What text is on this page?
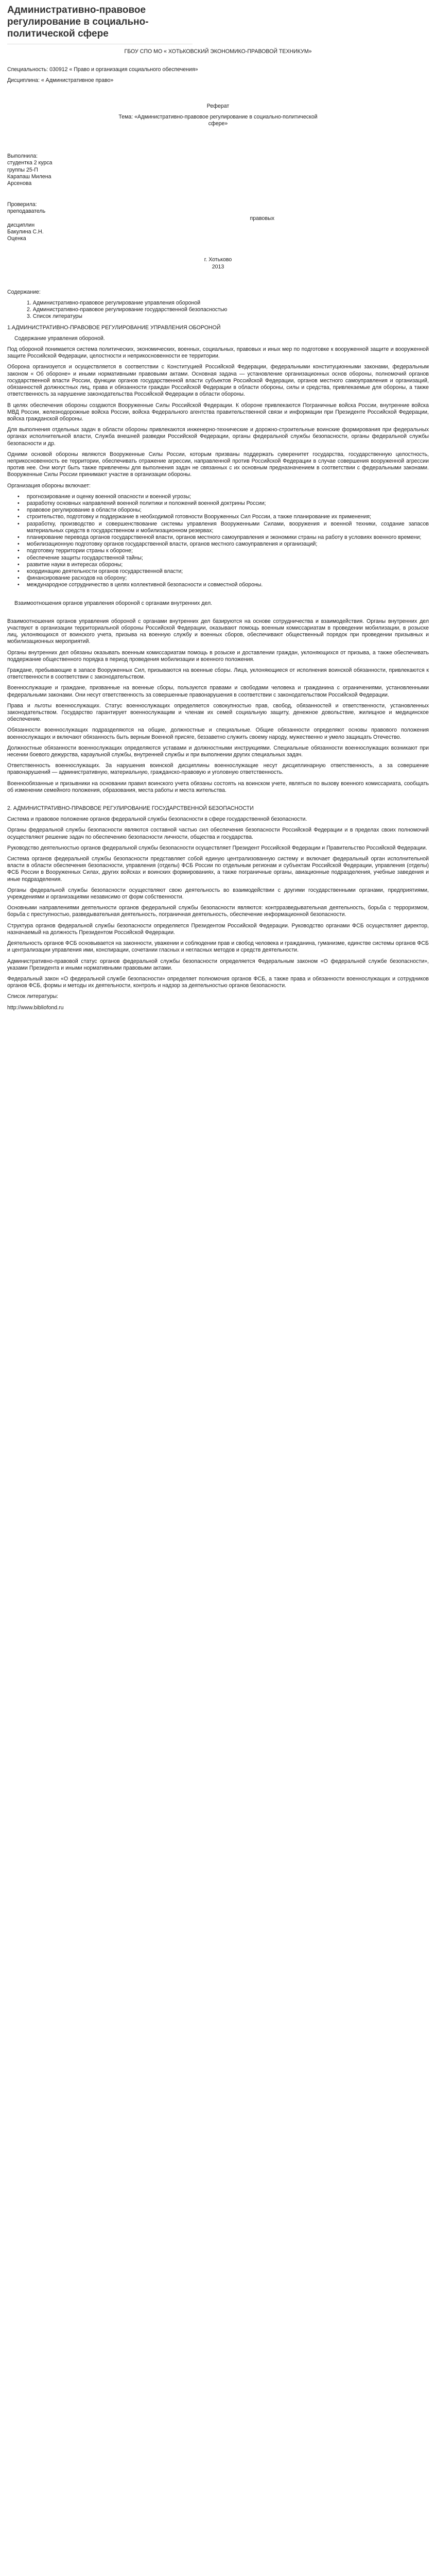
Административно-правовое регулирование в социально-политической сфере

ГБОУ СПО МО « ХОТЬКОВСКИЙ ЭКОНОМИКО-ПРАВОВОЙ ТЕХНИКУМ»

Специальность: 030912 « Право и организация социального обеспечения»

Дисциплина: « Административное право»

Реферат

Тема: «Административно-правовое регулирование в социально-политической сфере»

Выполнила:
студентка 2 курса
группы 25-П
Карапаш Милена
Арсенова
Проверила:
преподаватель
правовых
дисциплин
Бакулина С.Н.
Оценка

г. Хотьково

2013

Содержание:

1. Административно-правовое регулирование управления обороной
2. Административно-правовое регулирование государственной безопасностью
3. Список литературы

1.АДМИНИСТРАТИВНО-ПРАВОВОЕ РЕГУЛИРОВАНИЕ УПРАВЛЕНИЯ ОБОРОНОЙ

Содержание управления обороной.

Под обороной понимается система политических, экономических, военных, социальных, правовых и иных мер по подготовке к вооруженной защите и вооруженной защите Российской Федерации, целостности и неприкосновенности ее территории.

Оборона организуется и осуществляется в соответствии с Конституцией Российской Федерации, федеральными конституционными законами, федеральным законом « Об обороне» и иными нормативными правовыми актами. Основная задача — установление организационных основ обороны, полномочий органов государственной власти России, функции органов государственной власти субъектов Российской Федерации, органов местного самоуправления и организаций, обязанностей должностных лиц, права и обязанности граждан Российской Федерации в области обороны, силы и средства, привлекаемые для обороны, а также ответственность за нарушение законодательства Российской Федерации в области обороны.

В целях обеспечения обороны создаются Вооруженные Силы Российской Федерации. К обороне привлекаются Пограничные войска России, внутренние войска МВД России, железнодорожные войска России, войска Федерального агентства правительственной связи и информации при Президенте Российской Федерации, войска гражданской обороны.

Для выполнения отдельных задач в области обороны привлекаются инженерно-технические и дорожно-строительные воинские формирования при федеральных органах исполнительной власти, Служба внешней разведки Российской Федерации, органы федеральной службы безопасности, органы федеральной службы безопасности и др.

Одними основой обороны являются Вооруженные Силы России, которым призваны поддержать суверенитет государства, государственную целостность, неприкосновенность ее территории, обеспечивать отражение агрессии, направленной против Российской Федерации в случае совершения вооруженной агрессии против нее. Они могут быть также привлечены для выполнения задач не связанных с их основным предназначением в соответствии с федеральными законами. Вооруженные Силы России принимают участие в организации обороны.

Организация обороны включает:

• прогнозирование и оценку военной опасности и военной угрозы;
• разработку основных направлений военной политики и положений военной доктрины России;
• правовое регулирование в области обороны;
• строительство, подготовку и поддержание в необходимой готовности Вооруженных Сил России, а также планирование их применения;
• разработку, производство и совершенствование системы управления Вооруженными Силами, вооружения и военной техники, создание запасов материальных средств в государственном и мобилизационном резервах;
• планирование перевода органов государственной власти, органов местного самоуправления и экономики страны на работу в условиях военного времени;
• мобилизационную подготовку органов государственной власти, органов местного самоуправления и организаций;
• подготовку территории страны к обороне;
• обеспечение защиты государственной тайны;
• развитие науки в интересах обороны;
• координацию деятельности органов государственной власти;
• финансирование расходов на оборону;
• международное сотрудничество в целях коллективной безопасности и совместной обороны.

Взаимоотношения органов управления обороной с органами внутренних дел.

Взаимоотношения органов управления обороной с органами внутренних дел базируются на основе сотрудничества и взаимодействия. Органы внутренних дел участвуют в организации территориальной обороны Российской Федерации, оказывают помощь военным комиссариатам в проведении мобилизации, в розыске лиц, уклоняющихся от воинского учета, призыва на военную службу и военных сборов, обеспечивают общественный порядок при проведении призывных и мобилизационных мероприятий.

Органы внутренних дел обязаны оказывать военным комиссариатам помощь в розыске и доставлении граждан, уклоняющихся от призыва, а также обеспечивать поддержание общественного порядка в период проведения мобилизации и военного положения.

Граждане, пребывающие в запасе Вооруженных Сил, призываются на военные сборы. Лица, уклоняющиеся от исполнения воинской обязанности, привлекаются к ответственности в соответствии с законодательством.

Военнослужащие и граждане, призванные на военные сборы, пользуются правами и свободами человека и гражданина с ограничениями, установленными федеральными законами. Они несут ответственность за совершенные правонарушения в соответствии с законодательством Российской Федерации.

Права и льготы военнослужащих. Статус военнослужащих определяется совокупностью прав, свобод, обязанностей и ответственности, установленных законодательством. Государство гарантирует военнослужащим и членам их семей социальную защиту, денежное довольствие, жилищное и медицинское обеспечение.

Обязанности военнослужащих подразделяются на общие, должностные и специальные. Общие обязанности определяют основы правового положения военнослужащих и включают обязанность быть верным Военной присяге, беззаветно служить своему народу, мужественно и умело защищать Отечество.

Должностные обязанности военнослужащих определяются уставами и должностными инструкциями. Специальные обязанности военнослужащих возникают при несении боевого дежурства, караульной службы, внутренней службы и при выполнении других специальных задач.

Ответственность военнослужащих. За нарушения воинской дисциплины военнослужащие несут дисциплинарную ответственность, а за совершение правонарушений — административную, материальную, гражданско-правовую и уголовную ответственность.

Военнообязанные и призывники на основании правил воинского учета обязаны состоять на воинском учете, являться по вызову военного комиссариата, сообщать об изменении семейного положения, образования, места работы и места жительства.

2. АДМИНИСТРАТИВНО-ПРАВОВОЕ РЕГУЛИРОВАНИЕ ГОСУДАРСТВЕННОЙ БЕЗОПАСНОСТИ

Система и правовое положение органов федеральной службы безопасности в сфере государственной безопасности.

Органы федеральной службы безопасности являются составной частью сил обеспечения безопасности Российской Федерации и в пределах своих полномочий осуществляют решение задач по обеспечению безопасности личности, общества и государства.

Руководство деятельностью органов федеральной службы безопасности осуществляет Президент Российской Федерации и Правительство Российской Федерации.

Система органов федеральной службы безопасности представляет собой единую централизованную систему и включает федеральный орган исполнительной власти в области обеспечения безопасности, управления (отделы) ФСБ России по отдельным регионам и субъектам Российской Федерации, управления (отделы) ФСБ России в Вооруженных Силах, других войсках и воинских формированиях, а также пограничные органы, авиационные подразделения, учебные заведения и иные подразделения.

Органы федеральной службы безопасности осуществляют свою деятельность во взаимодействии с другими государственными органами, предприятиями, учреждениями и организациями независимо от форм собственности.

Основными направлениями деятельности органов федеральной службы безопасности являются: контрразведывательная деятельность, борьба с терроризмом, борьба с преступностью, разведывательная деятельность, пограничная деятельность, обеспечение информационной безопасности.

Структура органов федеральной службы безопасности определяется Президентом Российской Федерации. Руководство органами ФСБ осуществляет директор, назначаемый на должность Президентом Российской Федерации.

Деятельность органов ФСБ основывается на законности, уважении и соблюдении прав и свобод человека и гражданина, гуманизме, единстве системы органов ФСБ и централизации управления ими, конспирации, сочетании гласных и негласных методов и средств деятельности.

Административно-правовой статус органов федеральной службы безопасности определяется Федеральным законом «О федеральной службе безопасности», указами Президента и иными нормативными правовыми актами.

Федеральный закон «О федеральной службе безопасности» определяет полномочия органов ФСБ, а также права и обязанности военнослужащих и сотрудников органов ФСБ, формы и методы их деятельности, контроль и надзор за деятельностью органов безопасности.

Список литературы:

http://www.bibliofond.ru
